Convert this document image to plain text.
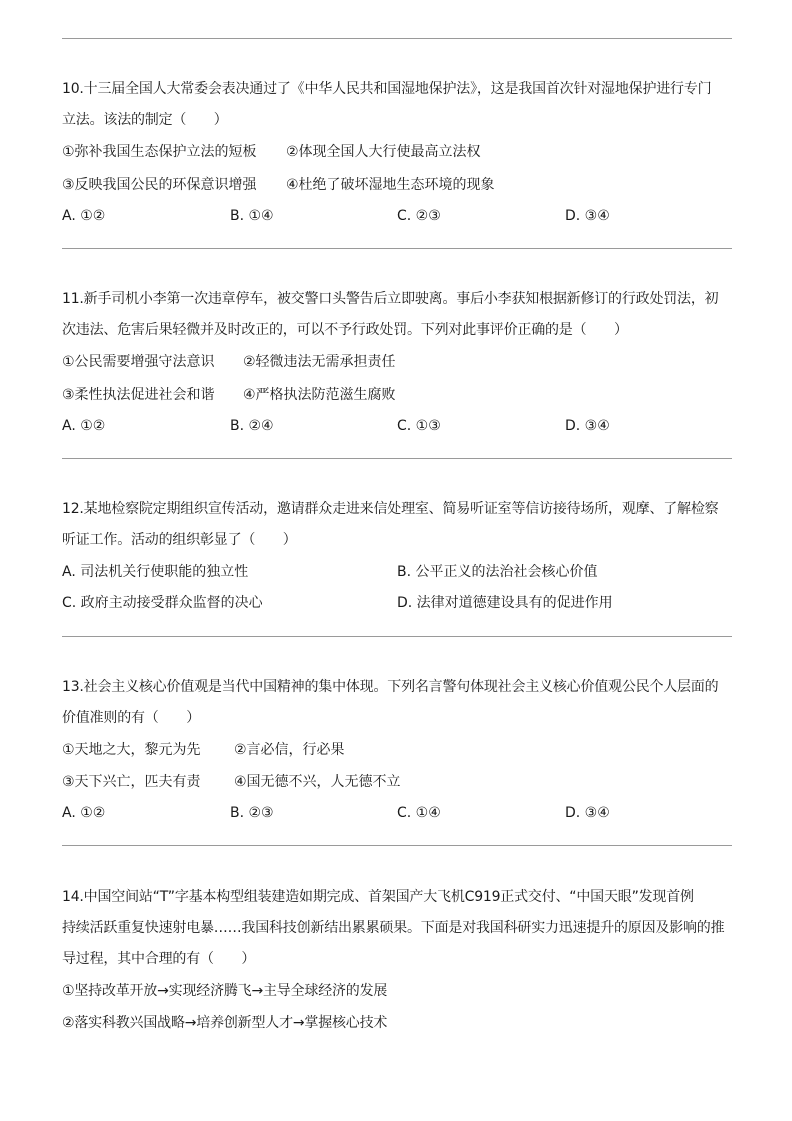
10.十三届全国人大常委会表决通过了《中华人民共和国湿地保护法》，这是我国首次针对湿地保护进行专门
立法。该法的制定（　　）
①弥补我国生态保护立法的短板 ②体现全国人大行使最高立法权
③反映我国公民的环保意识增强 ④杜绝了破坏湿地生态环境的现象
A. ①②	B. ①④	C. ②③	D. ③④
11.新手司机小李第一次违章停车，被交警口头警告后立即驶离。事后小李获知根据新修订的行政处罚法，初
次违法、危害后果轻微并及时改正的，可以不予行政处罚。下列对此事评价正确的是（　　）
①公民需要增强守法意识 ②轻微违法无需承担责任
③柔性执法促进社会和谐 ④严格执法防范滋生腐败
A. ①②	B. ②④	C. ①③	D. ③④
12.某地检察院定期组织宣传活动，邀请群众走进来信处理室、简易听证室等信访接待场所，观摩、了解检察
听证工作。活动的组织彰显了（　　）
A. 司法机关行使职能的独立性	B. 公平正义的法治社会核心价值
C. 政府主动接受群众监督的决心	D. 法律对道德建设具有的促进作用
13.社会主义核心价值观是当代中国精神的集中体现。下列名言警句体现社会主义核心价值观公民个人层面的
价值准则的有（　　）
①天地之大，黎元为先 ②言必信，行必果
③天下兴亡，匹夫有责 ④国无德不兴，人无德不立
A. ①②	B. ②③	C. ①④	D. ③④
14.中国空间站“T”字基本构型组装建造如期完成、首架国产大飞机C919正式交付、“中国天眼”发现首例
持续活跃重复快速射电暴……我国科技创新结出累累硕果。下面是对我国科研实力迅速提升的原因及影响的推
导过程，其中合理的有（　　）
①坚持改革开放→实现经济腾飞→主导全球经济的发展
②落实科教兴国战略→培养创新型人才→掌握核心技术
